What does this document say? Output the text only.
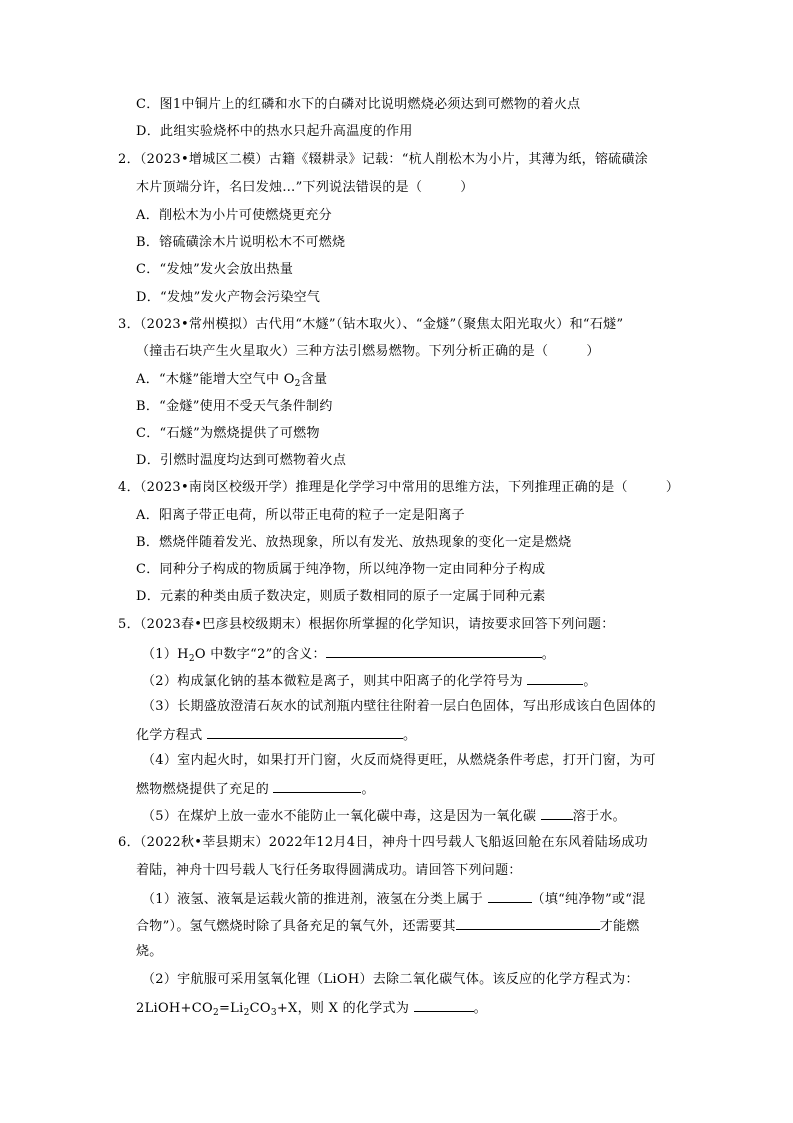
C．图1中铜片上的红磷和水下的白磷对比说明燃烧必须达到可燃物的着火点
D．此组实验烧杯中的热水只起升高温度的作用
2．（2023•增城区二模）古籍《辍耕录》记载：“杭人削松木为小片，其薄为纸，镕硫磺涂
木片顶端分许，名曰发烛…”下列说法错误的是（	）
A．削松木为小片可使燃烧更充分
B．镕硫磺涂木片说明松木不可燃烧
C．“发烛”发火会放出热量
D．“发烛”发火产物会污染空气
3．（2023•常州模拟）古代用“木燧”（钻木取火）、“金燧”（聚焦太阳光取火）和“石燧”
（撞击石块产生火星取火）三种方法引燃易燃物。下列分析正确的是（	）
A．“木燧”能增大空气中 $O_2$含量
B．“金燧”使用不受天气条件制约
C．“石燧”为燃烧提供了可燃物
D．引燃时温度均达到可燃物着火点
4．（2023•南岗区校级开学）推理是化学学习中常用的思维方法，下列推理正确的是（	）
A．阳离子带正电荷，所以带正电荷的粒子一定是阳离子
B．燃烧伴随着发光、放热现象，所以有发光、放热现象的变化一定是燃烧
C．同种分子构成的物质属于纯净物，所以纯净物一定由同种分子构成
D．元素的种类由质子数决定，则质子数相同的原子一定属于同种元素
5．（2023春•巴彦县校级期末）根据你所掌握的化学知识，请按要求回答下列问题：
$(1)H_2O$ 中数字“2”的含义：	。
（2）构成氯化钠的基本微粒是离子，则其中阳离子的化学符号为	。
（3）长期盛放澄清石灰水的试剂瓶内壁往往附着一层白色固体，写出形成该白色固体的
化学方程式	。
（4）室内起火时，如果打开门窗，火反而烧得更旺，从燃烧条件考虑，打开门窗，为可
燃物燃烧提供了充足的	。
（5）在煤炉上放一壶水不能防止一氧化碳中毒，这是因为一氧化碳	溶于水。
6．（2022秋•莘县期末）2022年12月4日，神舟十四号载人飞船返回舱在东风着陆场成功
着陆，神舟十四号载人飞行任务取得圆满成功。请回答下列问题：
（1）液氢、液氧是运载火箭的推进剂，液氢在分类上属于	（填“纯净物”或“混
合物”）。氢气燃烧时除了具备充足的氧气外，还需要其	才能燃
烧。
（2）宇航服可采用氢氧化锂（LiOH）去除二氧化碳气体。该反应的化学方程式为：
$2LiOH+CO_2=Li_2CO_3+X$，则 X 的化学式为	。
